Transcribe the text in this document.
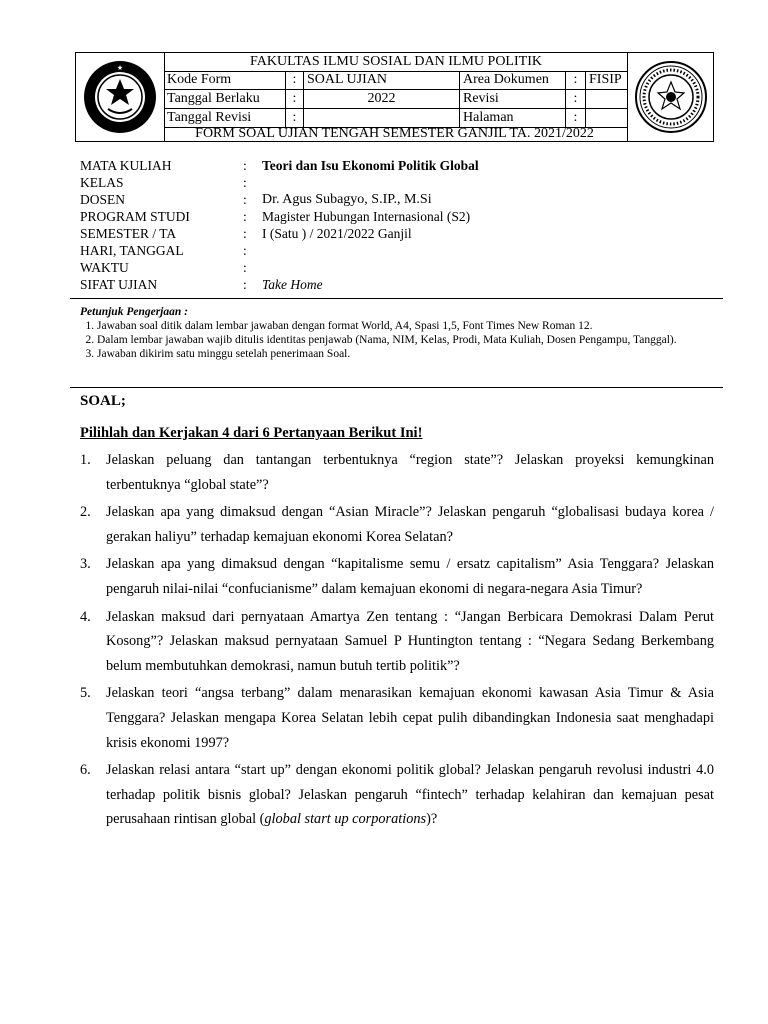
★	FAKULTAS ILMU SOSIAL DAN ILMU POLITIK
Kode Form	: SOAL UJIAN	Area Dokumen	: FISIP
Tanggal Berlaku	:	2022	Revisi	:
Tanggal Revisi	:	Halaman	:
FORM SOAL UJIAN TENGAH SEMESTER GANJIL TA. 2021/2022
MATA KULIAH	: Teori dan Isu Ekonomi Politik Global
KELAS	:
DOSEN	: Dr. Agus Subagyo, S.IP., M.Si
PROGRAM STUDI	: Magister Hubungan Internasional (S2)
SEMESTER / TA	: I (Satu ) / 2021/2022 Ganjil
HARI, TANGGAL	:
WAKTU	:
SIFAT UJIAN	: Take Home
Petunjuk Pengerjaan :
1. Jawaban soal ditik dalam lembar jawaban dengan format World, A4, Spasi 1,5, Font Times New Roman 12.
2. Dalam lembar jawaban wajib ditulis identitas penjawab (Nama, NIM, Kelas, Prodi, Mata Kuliah, Dosen Pengampu, Tanggal).
3. Jawaban dikirim satu minggu setelah penerimaan Soal.
SOAL;
Pilihlah dan Kerjakan 4 dari 6 Pertanyaan Berikut Ini!
1. Jelaskan peluang dan tantangan terbentuknya “region state”? Jelaskan proyeksi kemungkinan terbentuknya “global state”?
2. Jelaskan apa yang dimaksud dengan “Asian Miracle”? Jelaskan pengaruh “globalisasi budaya korea / gerakan haliyu” terhadap kemajuan ekonomi Korea Selatan?
3. Jelaskan apa yang dimaksud dengan “kapitalisme semu / ersatz capitalism” Asia Tenggara? Jelaskan pengaruh nilai-nilai “confucianisme” dalam kemajuan ekonomi di negara-negara Asia Timur?
4. Jelaskan maksud dari pernyataan Amartya Zen tentang : “Jangan Berbicara Demokrasi Dalam Perut Kosong”? Jelaskan maksud pernyataan Samuel P Huntington tentang : “Negara Sedang Berkembang belum membutuhkan demokrasi, namun butuh tertib politik”?
5. Jelaskan teori “angsa terbang” dalam menarasikan kemajuan ekonomi kawasan Asia Timur & Asia Tenggara? Jelaskan mengapa Korea Selatan lebih cepat pulih dibandingkan Indonesia saat menghadapi krisis ekonomi 1997?
6. Jelaskan relasi antara “start up” dengan ekonomi politik global? Jelaskan pengaruh revolusi industri 4.0 terhadap politik bisnis global? Jelaskan pengaruh “fintech” terhadap kelahiran dan kemajuan pesat perusahaan rintisan global (global start up corporations)?
